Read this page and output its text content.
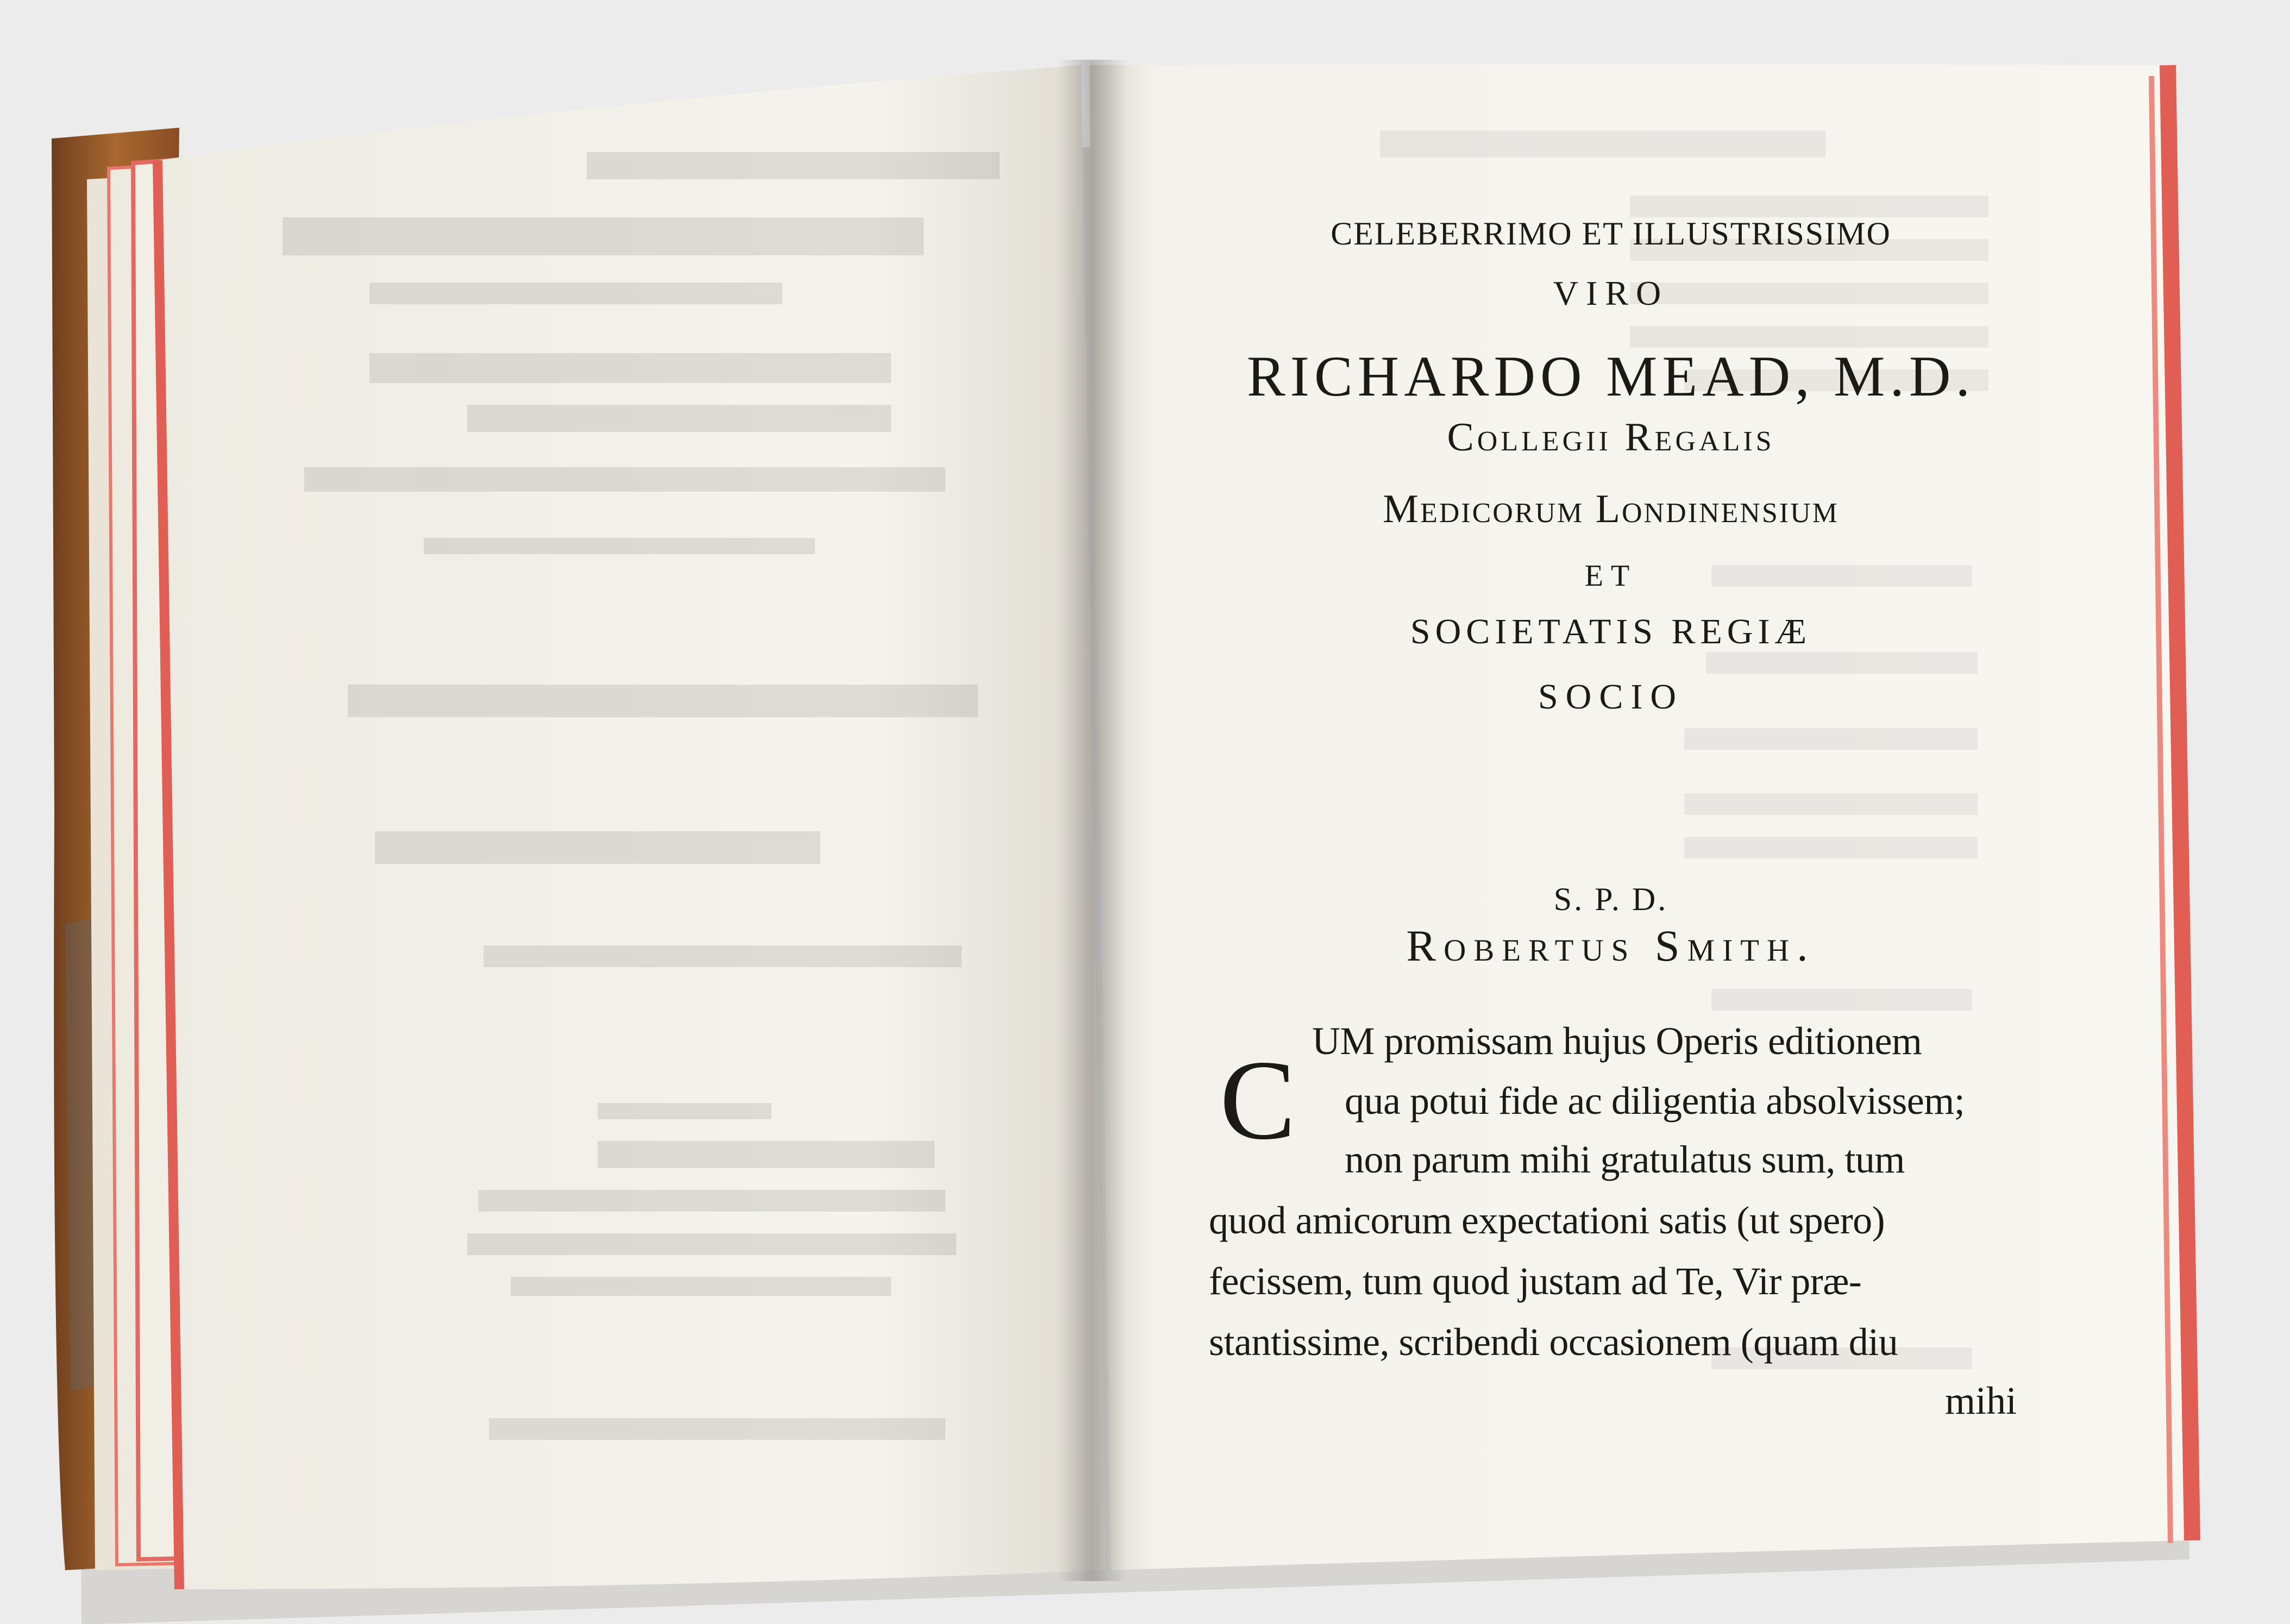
CELEBERRIMO ET ILLUSTRISSIMO
VIRO
RICHARDO MEAD, M.D.
Collegii Regalis
Medicorum Londinensium
ET
SOCIETATIS REGIÆ
SOCIO
S. P. D.
Robertus Smith.
C UM promissam hujus Operis editionem
qua potui fide ac diligentia absolvissem;
non parum mihi gratulatus sum, tum
quod amicorum expectationi satis (ut spero)
fecissem, tum quod justam ad Te, Vir præ-
stantissime, scribendi occasionem (quam diu
mihi
